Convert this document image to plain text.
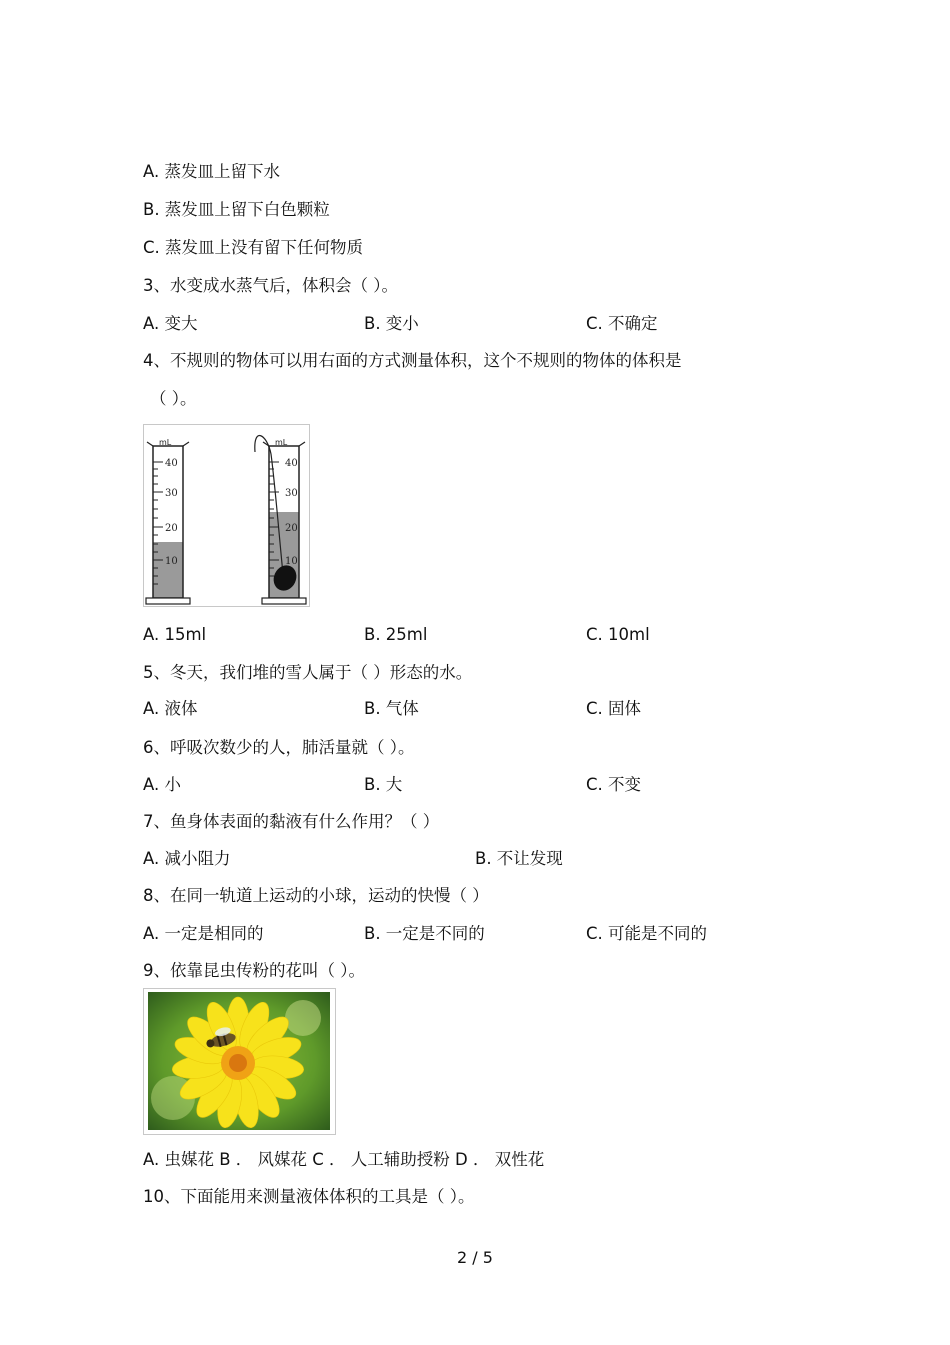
A. 蒸发皿上留下水
B. 蒸发皿上留下白色颗粒
C. 蒸发皿上没有留下任何物质
3、水变成水蒸气后，体积会（ ）。
A. 变大	B. 变小	C. 不确定
4、不规则的物体可以用右面的方式测量体积，这个不规则的物体的体积是
（ ）。
mL
40
30
20
10
mL
40
30
20
10
A. 15ml	B. 25ml	C. 10ml
5、冬天，我们堆的雪人属于（ ）形态的水。
A. 液体	B. 气体	C. 固体
6、呼吸次数少的人，肺活量就（ ）。
A. 小	B. 大	C. 不变
7、鱼身体表面的黏液有什么作用？（ ）
A. 减小阻力	B. 不让发现
8、在同一轨道上运动的小球，运动的快慢（ ）
A. 一定是相同的	B. 一定是不同的	C. 可能是不同的
9、依靠昆虫传粉的花叫（ ）。
A. 虫媒花 B ． 风媒花 C ． 人工辅助授粉 D ． 双性花
10、下面能用来测量液体体积的工具是（ ）。
2 / 5
